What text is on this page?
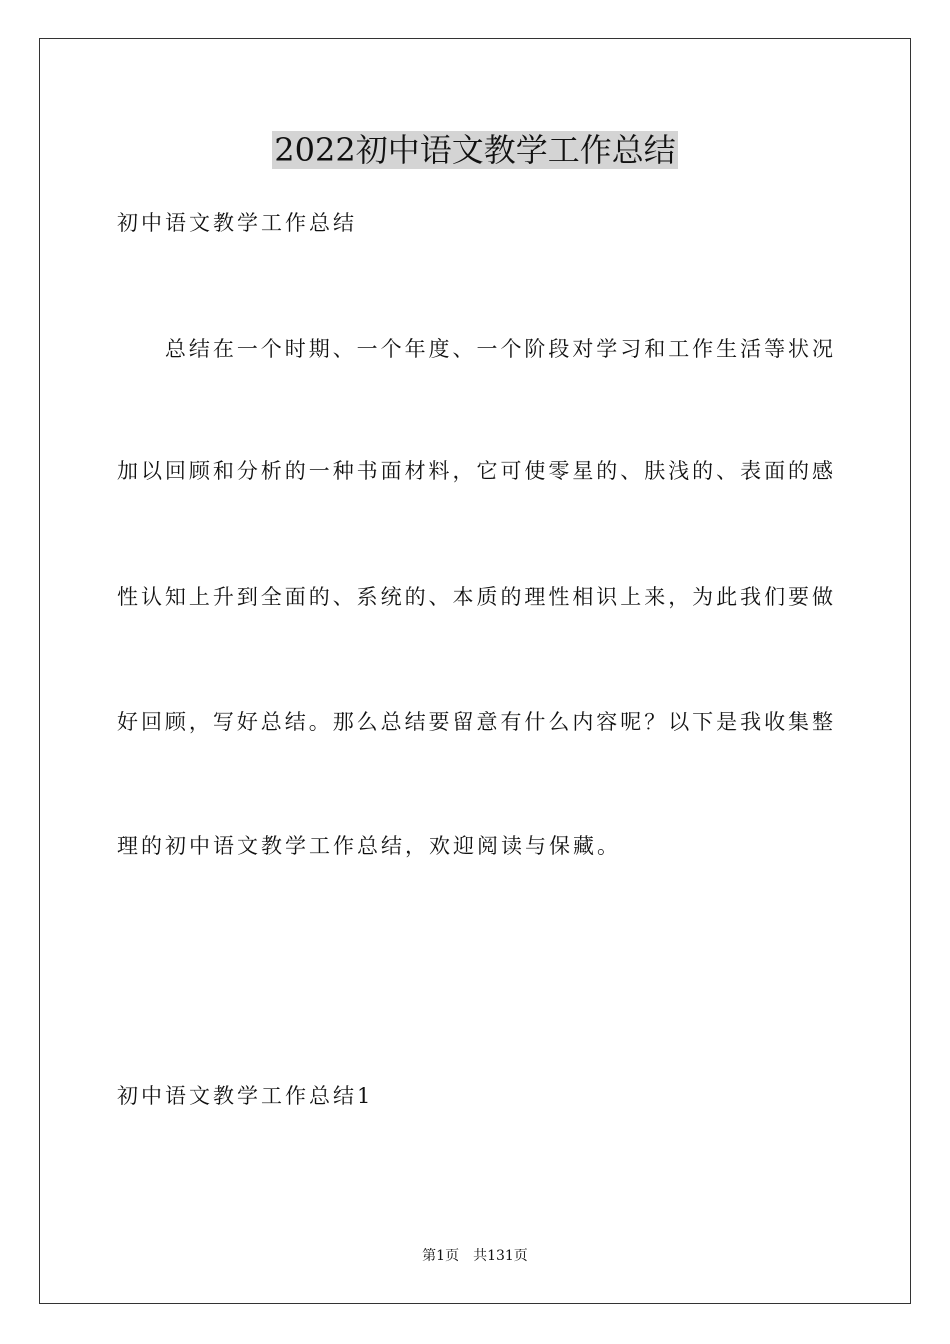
2022初中语文教学工作总结
初中语文教学工作总结
　　总结在一个时期、一个年度、一个阶段对学习和工作生活等状况
加以回顾和分析的一种书面材料，它可使零星的、肤浅的、表面的感
性认知上升到全面的、系统的、本质的理性相识上来，为此我们要做
好回顾，写好总结。那么总结要留意有什么内容呢？以下是我收集整
理的初中语文教学工作总结，欢迎阅读与保藏。
初中语文教学工作总结1
第1页　共131页
